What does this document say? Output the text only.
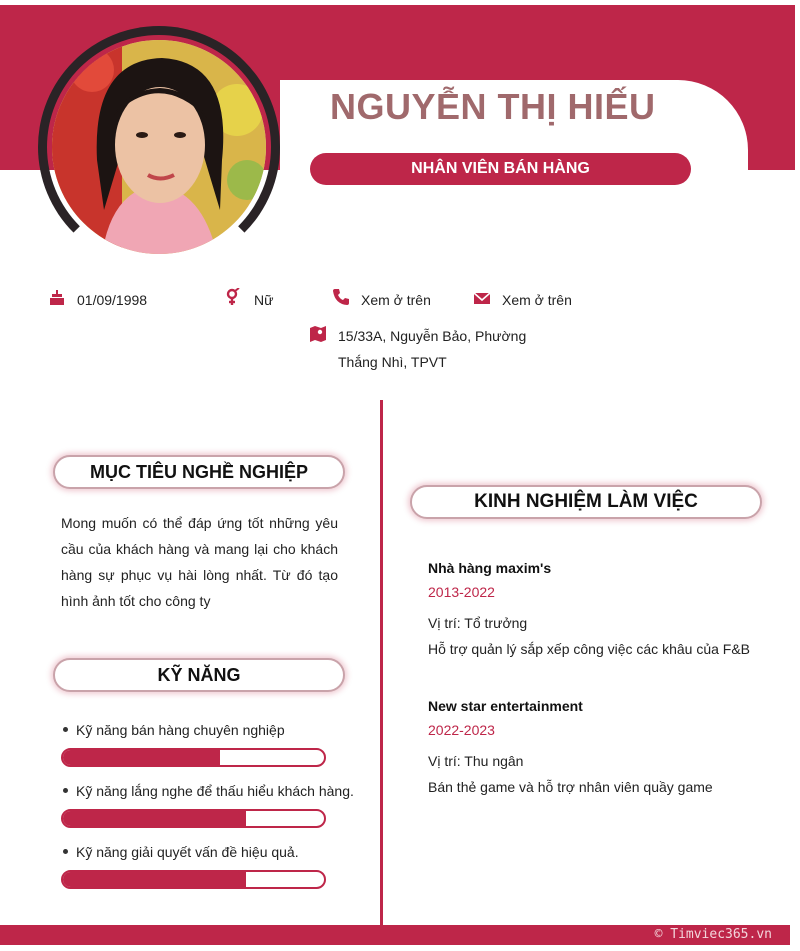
NGUYỄN THỊ HIẾU
NHÂN VIÊN BÁN HÀNG
01/09/1998	Nữ	Xem ở trên	Xem ở trên
15/33A, Nguyễn Bảo, Phường
Thắng Nhì, TPVT
MỤC TIÊU NGHỀ NGHIỆP
Mong muốn có thể đáp ứng tốt những yêu cầu của khách hàng và mang lại cho khách hàng sự phục vụ hài lòng nhất. Từ đó tạo hình ảnh tốt cho công ty
KỸ NĂNG
Kỹ năng bán hàng chuyên nghiệp
Kỹ năng lắng nghe để thấu hiểu khách hàng.
Kỹ năng giải quyết vấn đề hiệu quả.
KINH NGHIỆM LÀM VIỆC
Nhà hàng maxim's
2013-2022
Vị trí: Tổ trưởng
Hỗ trợ quản lý sắp xếp công việc các khâu của F&B
New star entertainment
2022-2023
Vị trí: Thu ngân
Bán thẻ game và hỗ trợ nhân viên quầy game
© Timviec365.vn
